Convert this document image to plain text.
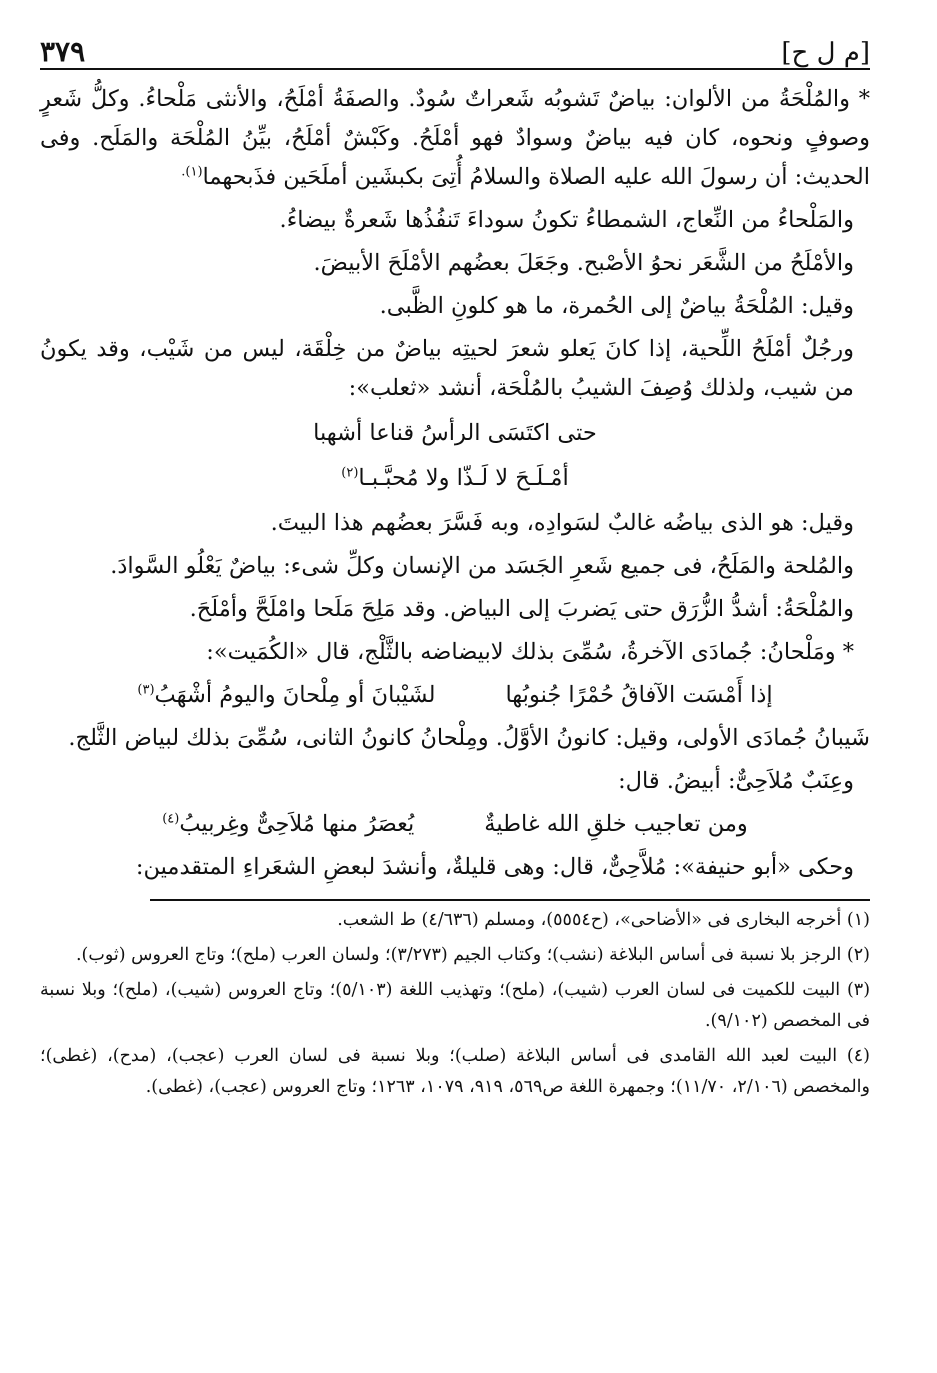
[م ل ح]
٣٧٩

* والمُلْحَةُ من الألوان: بياضٌ تَشوبُه شَعراتٌ سُودٌ. والصفَةُ أمْلَحُ، والأنثى مَلْحاءُ. وكلُّ شَعرٍ وصوفٍ ونحوه، كان فيه بياضٌ وسوادٌ فهو أمْلَحُ. وكَبْشٌ أمْلَحُ، بيِّنُ المُلْحَة والمَلَح. وفى الحديث: أن رسولَ الله عليه الصلاة والسلامُ أُتِىَ بكبشَين أملَحَين فذَبحهما$^{(١).}$

والمَلْحاءُ من النِّعاج، الشمطاءُ تكونُ سوداءَ تَنفُذُها شَعرةٌ بيضاءُ.

والأمْلَحُ من الشَّعَر نحوُ الأصْبح. وجَعَلَ بعضُهم الأمْلَحَ الأبيضَ.

وقيل: المُلْحَةُ بياضٌ إلى الحُمرة، ما هو كلونِ الظَّبى.

ورجُلٌ أمْلَحُ اللِّحية، إذا كانَ يَعلو شعرَ لحيتِه بياضٌ من خِلْقَة، ليس من شَيْب، وقد يكونُ من شيب، ولذلك وُصِفَ الشيبُ بالمُلْحَة، أنشد «ثعلب»:

حتى اكتَسَى الرأسُ قناعا أشهبا
أمْـلَـحَ لا لَـذّا ولا مُحبَّـبـا$^{(٢)}$

وقيل: هو الذى بياضُه غالبٌ لسَوادِه، وبه فَسَّرَ بعضُهم هذا البيتَ.

والمُلحة والمَلَحُ، فى جميع شَعرِ الجَسَد من الإنسان وكلِّ شىء: بياضٌ يَعْلُو السَّوادَ.

والمُلْحَةُ: أشدُّ الزُّرَق حتى يَضربَ إلى البياض. وقد مَلِحَ مَلَحا وامْلَحَّ وأمْلَحَ.

* ومَلْحانُ: جُمادَى الآخرةُ، سُمِّىَ بذلك لابيضاضه بالثَّلْج، قال «الكُمَيت»:

إذا أَمْسَت الآفاقُ حُمْرًا جُنوبُها
لشَيْبانَ أو مِلْحانَ واليومُ أشْهَبُ$^{(٣)}$

شَيبانُ جُمادَى الأولى، وقيل: كانونُ الأوَّلُ. ومِلْحانُ كانونُ الثانى، سُمِّىَ بذلك لبياض الثَّلج.

وعِنَبٌ مُلاَحِىٌّ: أبيضُ. قال:

ومن تعاجيب خلقِ الله غاطيةٌ
يُعصَرُ منها مُلاَحِىٌّ وغِربيبُ$^{(٤)}$

وحكى «أبو حنيفة»: مُلاَّحِىٌّ، قال: وهى قليلةٌ، وأنشدَ لبعضِ الشعَراءِ المتقدمين:

(١) أخرجه البخارى فى «الأضاحى»، (ح٥٥٥٤)، ومسلم (٤/٦٣٦) ط الشعب.

(٢) الرجز بلا نسبة فى أساس البلاغة (نشب)؛ وكتاب الجيم (٣/٢٧٣)؛ ولسان العرب (ملح)؛ وتاج العروس (ثوب).

(٣) البيت للكميت فى لسان العرب (شيب)، (ملح)؛ وتهذيب اللغة (٥/١٠٣)؛ وتاج العروس (شيب)، (ملح)؛ وبلا نسبة فى المخصص (٩/١٠٢).

(٤) البيت لعبد الله القامدى فى أساس البلاغة (صلب)؛ وبلا نسبة فى لسان العرب (عجب)، (مدح)، (غطى)؛ والمخصص (٢/١٠٦، ١١/٧٠)؛ وجمهرة اللغة ص٥٦٩، ٩١٩، ١٠٧٩، ١٢٦٣؛ وتاج العروس (عجب)، (غطى).
